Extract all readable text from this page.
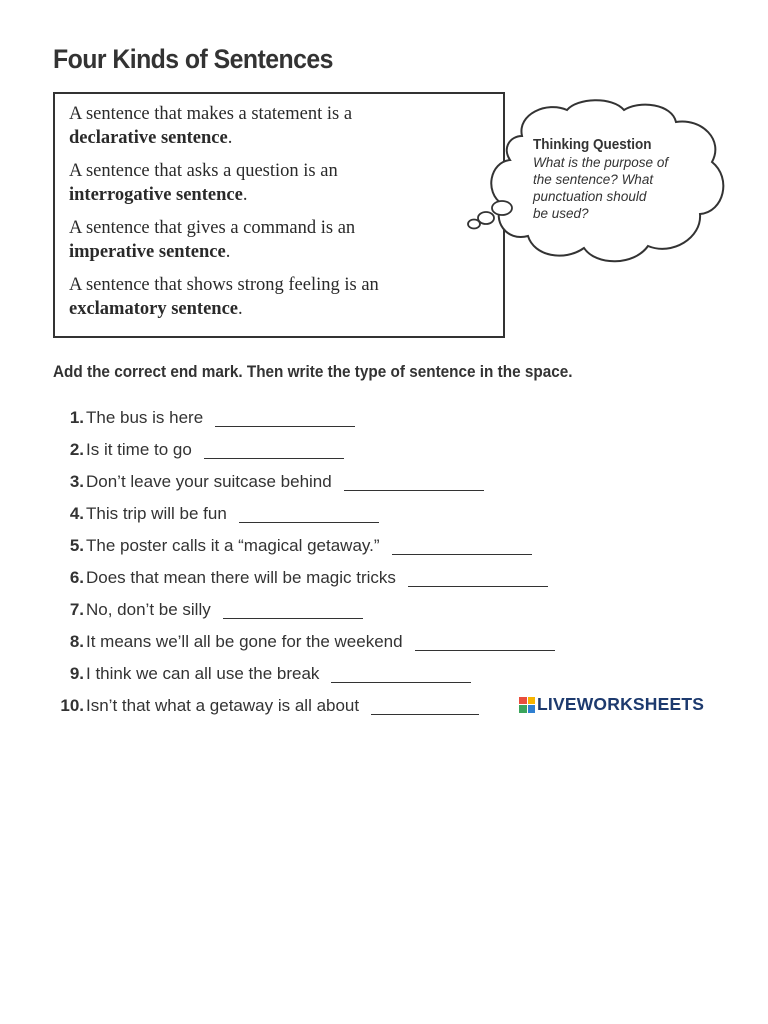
Four Kinds of Sentences
A sentence that makes a statement is a
declarative sentence.
A sentence that asks a question is an
interrogative sentence.
A sentence that gives a command is an
imperative sentence.
A sentence that shows strong feeling is an
exclamatory sentence.
Thinking Question
What is the purpose of
the sentence? What
punctuation should
be used?
Add the correct end mark. Then write the type of sentence in the space.
1. The bus is here
2. Is it time to go
3. Don’t leave your suitcase behind
4. This trip will be fun
5. The poster calls it a “magical getaway.”
6. Does that mean there will be magic tricks
7. No, don’t be silly
8. It means we’ll all be gone for the weekend
9. I think we can all use the break
10. Isn’t that what a getaway is all about	LIVEWORKSHEETS
